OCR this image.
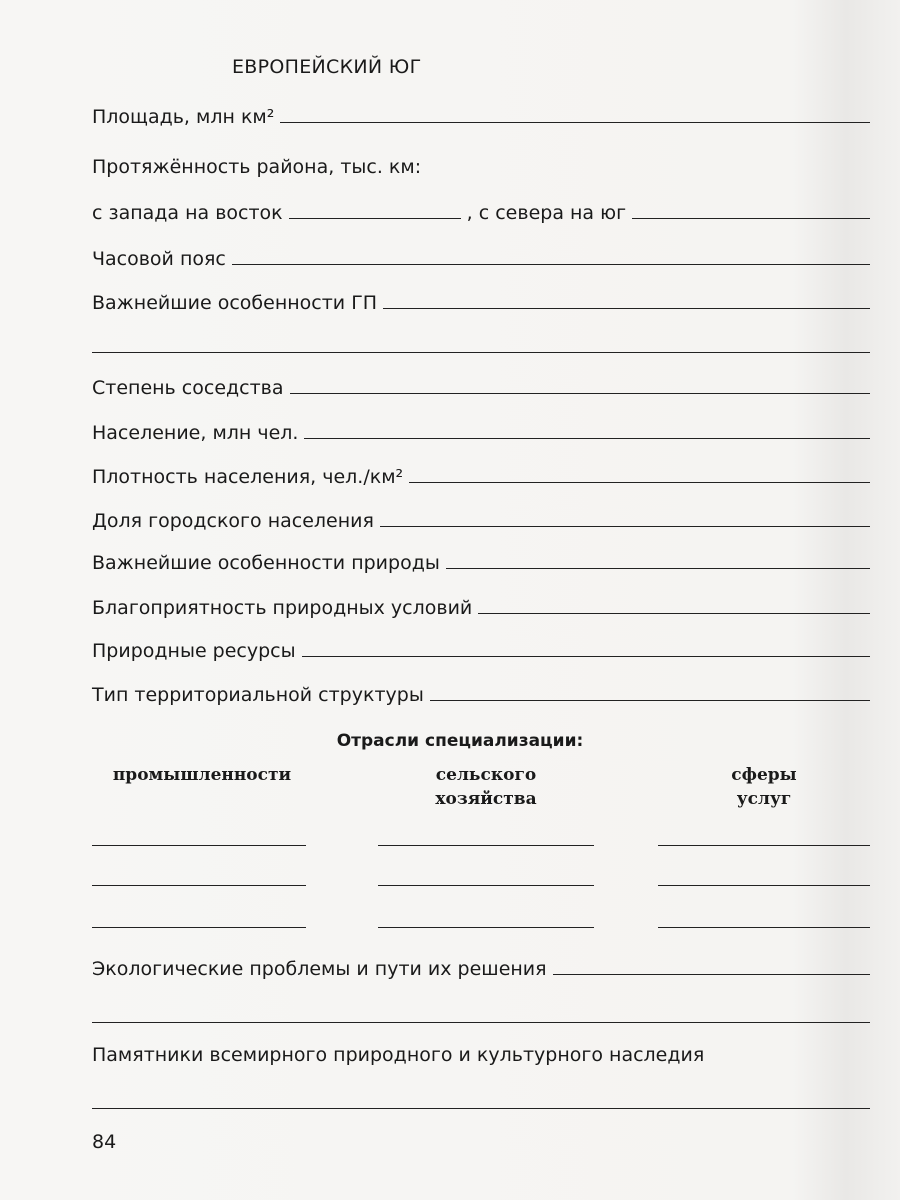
ЕВРОПЕЙСКИЙ ЮГ
Площадь, млн км²
Протяжённость района, тыс. км:
с запада на восток	, с севера на юг
Часовой пояс
Важнейшие особенности ГП
Степень соседства
Население, млн чел.
Плотность населения, чел./км²
Доля городского населения
Важнейшие особенности природы
Благоприятность природных условий
Природные ресурсы
Тип территориальной структуры
Отрасли специализации:
промышленности	сельского
хозяйства
сферы
услуг
Экологические проблемы и пути их решения
Памятники всемирного природного и культурного наследия
84
